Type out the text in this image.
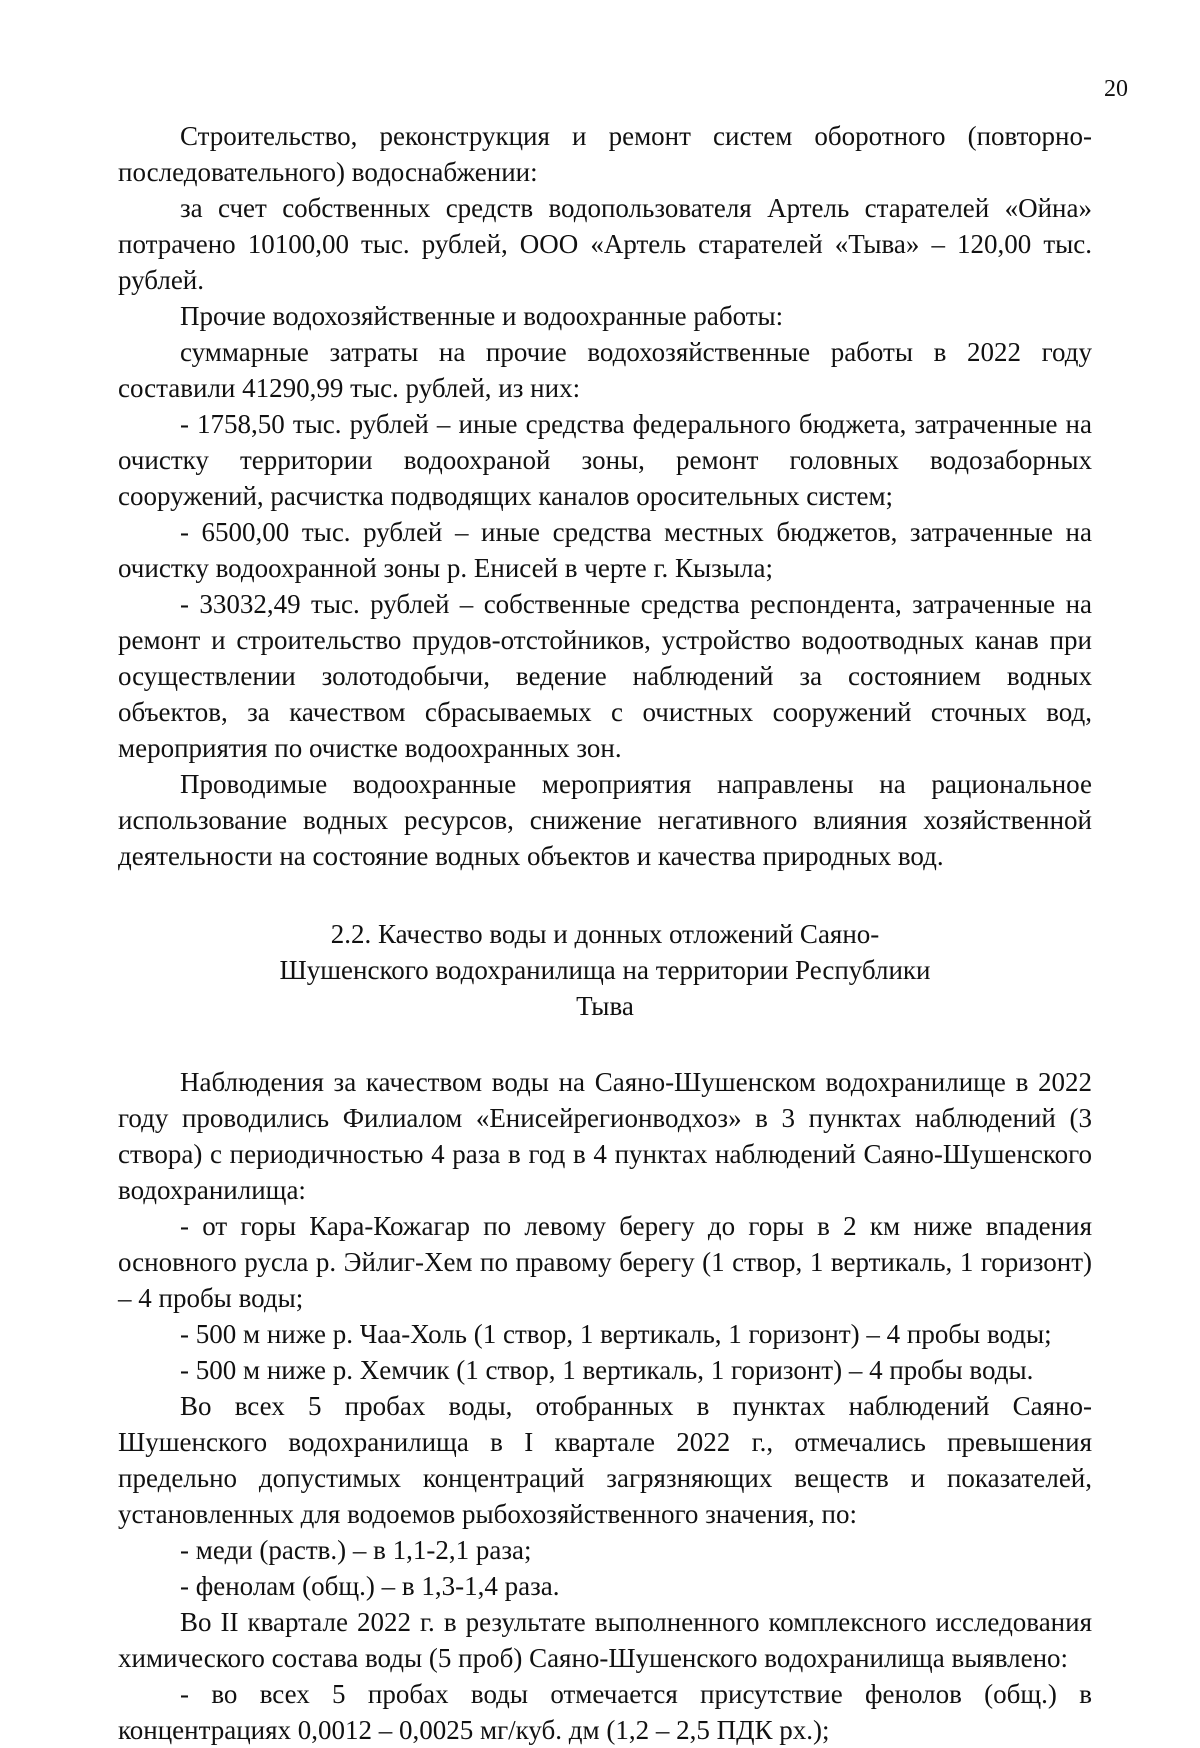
20

Строительство, реконструкция и ремонт систем оборотного (повторно-последовательного) водоснабжении:

за счет собственных средств водопользователя Артель старателей «Ойна» потрачено 10100,00 тыс. рублей, ООО «Артель старателей «Тыва» – 120,00 тыс. рублей.

Прочие водохозяйственные и водоохранные работы:

суммарные затраты на прочие водохозяйственные работы в 2022 году составили 41290,99 тыс. рублей, из них:

- 1758,50 тыс. рублей – иные средства федерального бюджета, затраченные на очистку территории водоохраной зоны, ремонт головных водозаборных сооружений, расчистка подводящих каналов оросительных систем;

- 6500,00 тыс. рублей – иные средства местных бюджетов, затраченные на очистку водоохранной зоны р. Енисей в черте г. Кызыла;

- 33032,49 тыс. рублей – собственные средства респондента, затраченные на ремонт и строительство прудов-отстойников, устройство водоотводных канав при осуществлении золотодобычи, ведение наблюдений за состоянием водных объектов, за качеством сбрасываемых с очистных сооружений сточных вод, мероприятия по очистке водоохранных зон.

Проводимые водоохранные мероприятия направлены на рациональное использование водных ресурсов, снижение негативного влияния хозяйственной деятельности на состояние водных объектов и качества природных вод.

2.2. Качество воды и донных отложений Саяно-Шушенского водохранилища на территории Республики Тыва

Наблюдения за качеством воды на Саяно-Шушенском водохранилище в 2022 году проводились Филиалом «Енисейрегионводхоз» в 3 пунктах наблюдений (3 створа) с периодичностью 4 раза в год в 4 пунктах наблюдений Саяно-Шушенского водохранилища:

- от горы Кара-Кожагар по левому берегу до горы в 2 км ниже впадения основного русла р. Эйлиг-Хем по правому берегу (1 створ, 1 вертикаль, 1 горизонт) – 4 пробы воды;

- 500 м ниже р. Чаа-Холь (1 створ, 1 вертикаль, 1 горизонт) – 4 пробы воды;

- 500 м ниже р. Хемчик (1 створ, 1 вертикаль, 1 горизонт) – 4 пробы воды.

Во всех 5 пробах воды, отобранных в пунктах наблюдений Саяно-Шушенского водохранилища в I квартале 2022 г., отмечались превышения предельно допустимых концентраций загрязняющих веществ и показателей, установленных для водоемов рыбохозяйственного значения, по:

- меди (раств.) – в 1,1-2,1 раза;

- фенолам (общ.) – в 1,3-1,4 раза.

Во II квартале 2022 г. в результате выполненного комплексного исследования химического состава воды (5 проб) Саяно-Шушенского водохранилища выявлено:

- во всех 5 пробах воды отмечается присутствие фенолов (общ.) в концентрациях 0,0012 – 0,0025 мг/куб. дм (1,2 – 2,5 ПДК рх.);
